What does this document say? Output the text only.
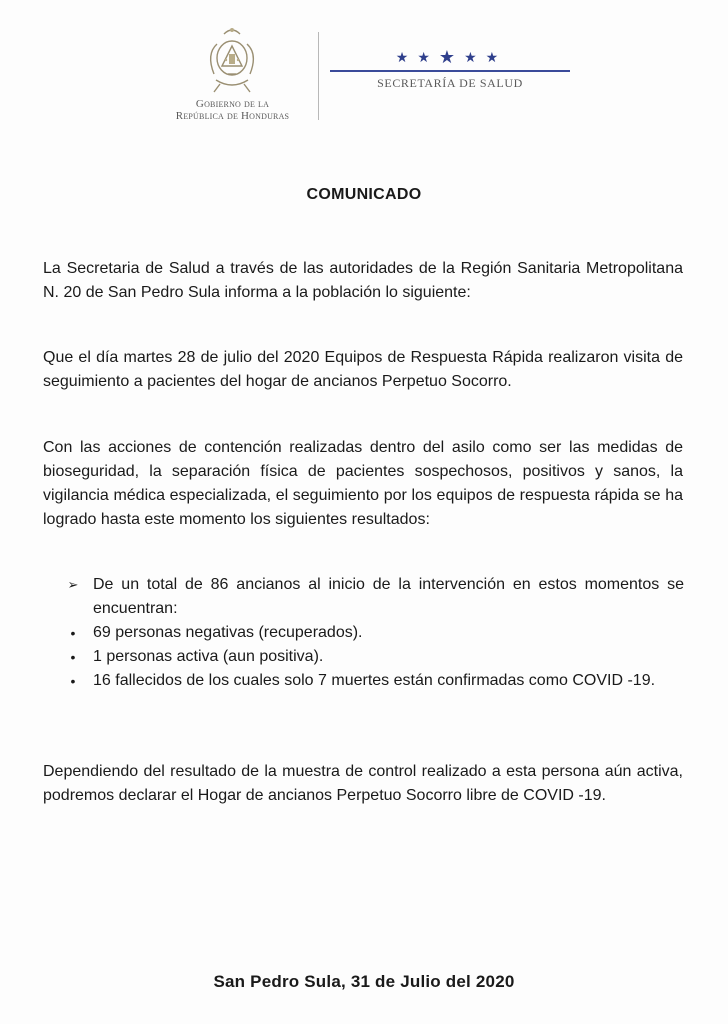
Gobierno de la
República de Honduras
★ ★ ★ ★ ★
SECRETARÍA DE SALUD
COMUNICADO
La Secretaria de Salud a través de las autoridades de la Región Sanitaria Metropolitana N. 20 de San Pedro Sula informa a la población lo siguiente:
Que el día martes 28 de julio del 2020 Equipos de Respuesta Rápida realizaron visita de seguimiento a pacientes del hogar de ancianos Perpetuo Socorro.
Con las acciones de contención realizadas dentro del asilo como ser las medidas de bioseguridad, la separación física de pacientes sospechosos, positivos y sanos, la vigilancia médica especializada, el seguimiento por los equipos de respuesta rápida se ha logrado hasta este momento los siguientes resultados:
➢ De un total de 86 ancianos al inicio de la intervención en estos momentos se encuentran:
• 69 personas negativas (recuperados).
• 1 personas activa (aun positiva).
• 16 fallecidos de los cuales solo 7 muertes están confirmadas como COVID -19.
Dependiendo del resultado de la muestra de control realizado a esta persona aún activa, podremos declarar el Hogar de ancianos Perpetuo Socorro libre de COVID -19.
San Pedro Sula, 31 de Julio del 2020
